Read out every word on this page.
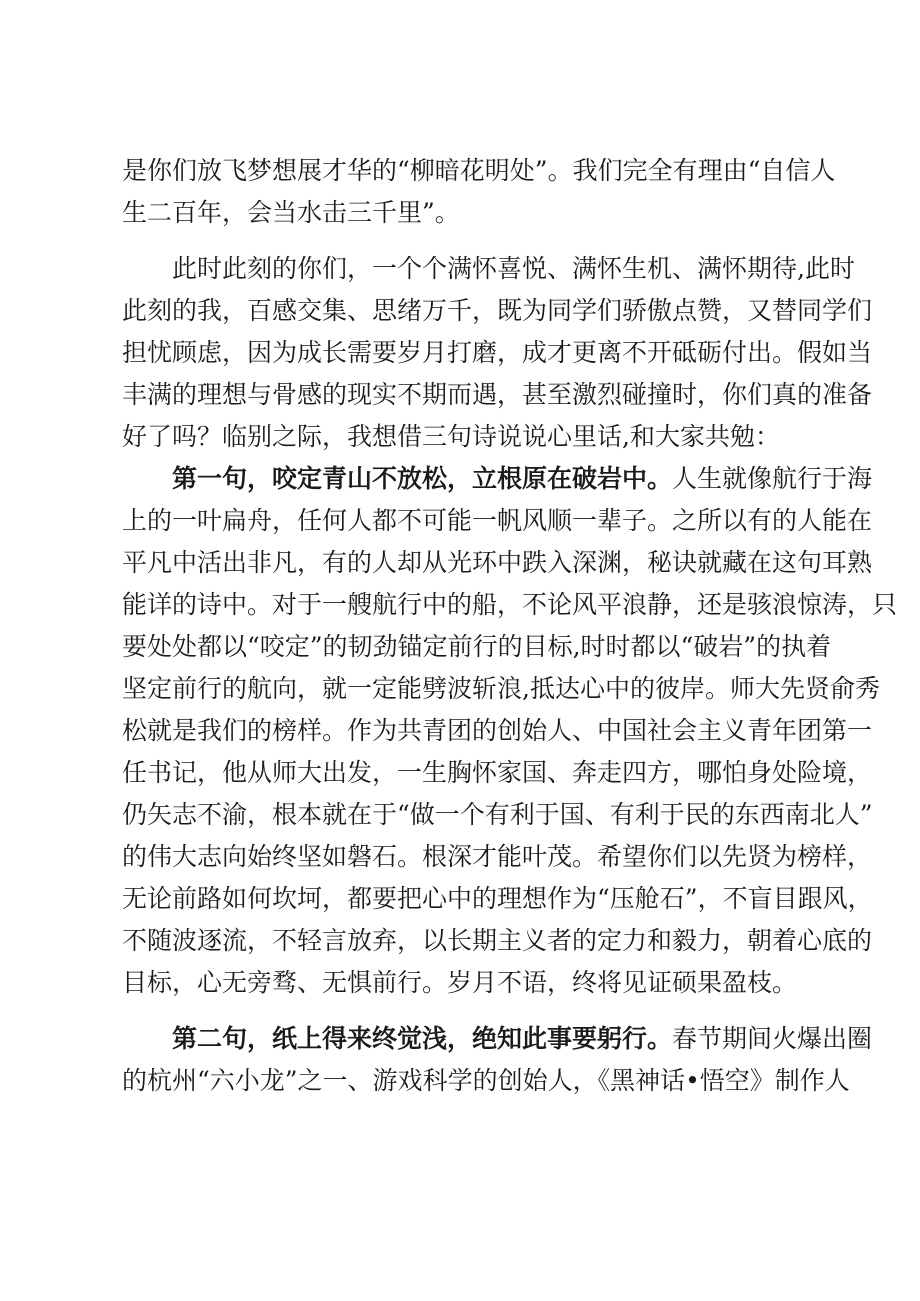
是你们放飞梦想展才华的“柳暗花明处”。我们完全有理由“自信人
生二百年，会当水击三千里”。
此时此刻的你们，一个个满怀喜悦、满怀生机、满怀期待,此时
此刻的我，百感交集、思绪万千，既为同学们骄傲点赞，又替同学们
担忧顾虑，因为成长需要岁月打磨，成才更离不开砥砺付出。假如当
丰满的理想与骨感的现实不期而遇，甚至激烈碰撞时，你们真的准备
好了吗？临别之际，我想借三句诗说说心里话,和大家共勉：
第一句，咬定青山不放松，立根原在破岩中。人生就像航行于海
上的一叶扁舟，任何人都不可能一帆风顺一辈子。之所以有的人能在
平凡中活出非凡，有的人却从光环中跌入深渊，秘诀就藏在这句耳熟
能详的诗中。对于一艘航行中的船，不论风平浪静，还是骇浪惊涛，只
要处处都以“咬定”的韧劲锚定前行的目标,时时都以“破岩”的执着
坚定前行的航向，就一定能劈波斩浪,抵达心中的彼岸。师大先贤俞秀
松就是我们的榜样。作为共青团的创始人、中国社会主义青年团第一
任书记，他从师大出发，一生胸怀家国、奔走四方，哪怕身处险境，
仍矢志不渝，根本就在于“做一个有利于国、有利于民的东西南北人”
的伟大志向始终坚如磐石。根深才能叶茂。希望你们以先贤为榜样，
无论前路如何坎坷，都要把心中的理想作为“压舱石”，不盲目跟风，
不随波逐流，不轻言放弃，以长期主义者的定力和毅力，朝着心底的
目标，心无旁骛、无惧前行。岁月不语，终将见证硕果盈枝。
第二句，纸上得来终觉浅，绝知此事要躬行。春节期间火爆出圈
的杭州“六小龙”之一、游戏科学的创始人，《黑神话•悟空》制作人
